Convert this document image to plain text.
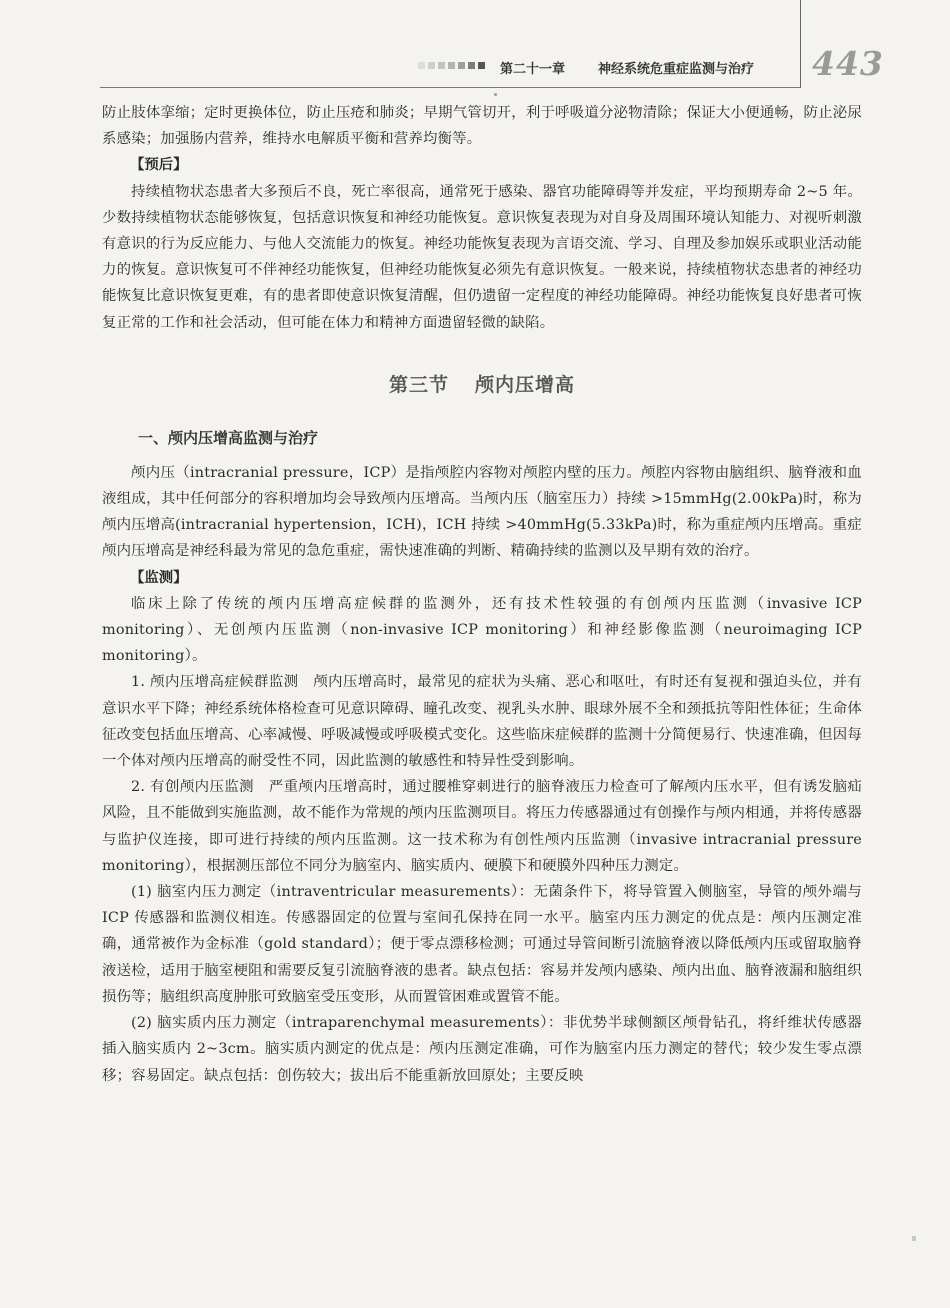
第二十一章	神经系统危重症监测与治疗 443

防止肢体挛缩；定时更换体位，防止压疮和肺炎；早期气管切开，利于呼吸道分泌物清除；保证大小便通畅，防止泌尿系感染；加强肠内营养，维持水电解质平衡和营养均衡等。

【预后】

持续植物状态患者大多预后不良，死亡率很高，通常死于感染、器官功能障碍等并发症，平均预期寿命 2~5 年。少数持续植物状态能够恢复，包括意识恢复和神经功能恢复。意识恢复表现为对自身及周围环境认知能力、对视听刺激有意识的行为反应能力、与他人交流能力的恢复。神经功能恢复表现为言语交流、学习、自理及参加娱乐或职业活动能力的恢复。意识恢复可不伴神经功能恢复，但神经功能恢复必须先有意识恢复。一般来说，持续植物状态患者的神经功能恢复比意识恢复更难，有的患者即使意识恢复清醒，但仍遗留一定程度的神经功能障碍。神经功能恢复良好患者可恢复正常的工作和社会活动，但可能在体力和精神方面遗留轻微的缺陷。

第三节 颅内压增高

一、颅内压增高监测与治疗

颅内压（intracranial pressure，ICP）是指颅腔内容物对颅腔内壁的压力。颅腔内容物由脑组织、脑脊液和血液组成，其中任何部分的容积增加均会导致颅内压增高。当颅内压（脑室压力）持续 >15mmHg(2.00kPa)时，称为颅内压增高(intracranial hypertension，ICH)，ICH 持续 >40mmHg(5.33kPa)时，称为重症颅内压增高。重症颅内压增高是神经科最为常见的急危重症，需快速准确的判断、精确持续的监测以及早期有效的治疗。

【监测】

临床上除了传统的颅内压增高症候群的监测外，还有技术性较强的有创颅内压监测（invasive ICP monitoring）、无创颅内压监测（non-invasive ICP monitoring）和神经影像监测（neuroimaging ICP monitoring）。

1. 颅内压增高症候群监测　颅内压增高时，最常见的症状为头痛、恶心和呕吐，有时还有复视和强迫头位，并有意识水平下降；神经系统体格检查可见意识障碍、瞳孔改变、视乳头水肿、眼球外展不全和颈抵抗等阳性体征；生命体征改变包括血压增高、心率减慢、呼吸减慢或呼吸模式变化。这些临床症候群的监测十分简便易行、快速准确，但因每一个体对颅内压增高的耐受性不同，因此监测的敏感性和特异性受到影响。

2. 有创颅内压监测　严重颅内压增高时，通过腰椎穿刺进行的脑脊液压力检查可了解颅内压水平，但有诱发脑疝风险，且不能做到实施监测，故不能作为常规的颅内压监测项目。将压力传感器通过有创操作与颅内相通，并将传感器与监护仪连接，即可进行持续的颅内压监测。这一技术称为有创性颅内压监测（invasive intracranial pressure monitoring），根据测压部位不同分为脑室内、脑实质内、硬膜下和硬膜外四种压力测定。

(1) 脑室内压力测定（intraventricular measurements）：无菌条件下，将导管置入侧脑室，导管的颅外端与 ICP 传感器和监测仪相连。传感器固定的位置与室间孔保持在同一水平。脑室内压力测定的优点是：颅内压测定准确，通常被作为金标准（gold standard）；便于零点漂移检测；可通过导管间断引流脑脊液以降低颅内压或留取脑脊液送检，适用于脑室梗阻和需要反复引流脑脊液的患者。缺点包括：容易并发颅内感染、颅内出血、脑脊液漏和脑组织损伤等；脑组织高度肿胀可致脑室受压变形，从而置管困难或置管不能。

(2) 脑实质内压力测定（intraparenchymal measurements）：非优势半球侧额区颅骨钻孔，将纤维状传感器插入脑实质内 2~3cm。脑实质内测定的优点是：颅内压测定准确，可作为脑室内压力测定的替代；较少发生零点漂移；容易固定。缺点包括：创伤较大；拔出后不能重新放回原处；主要反映
